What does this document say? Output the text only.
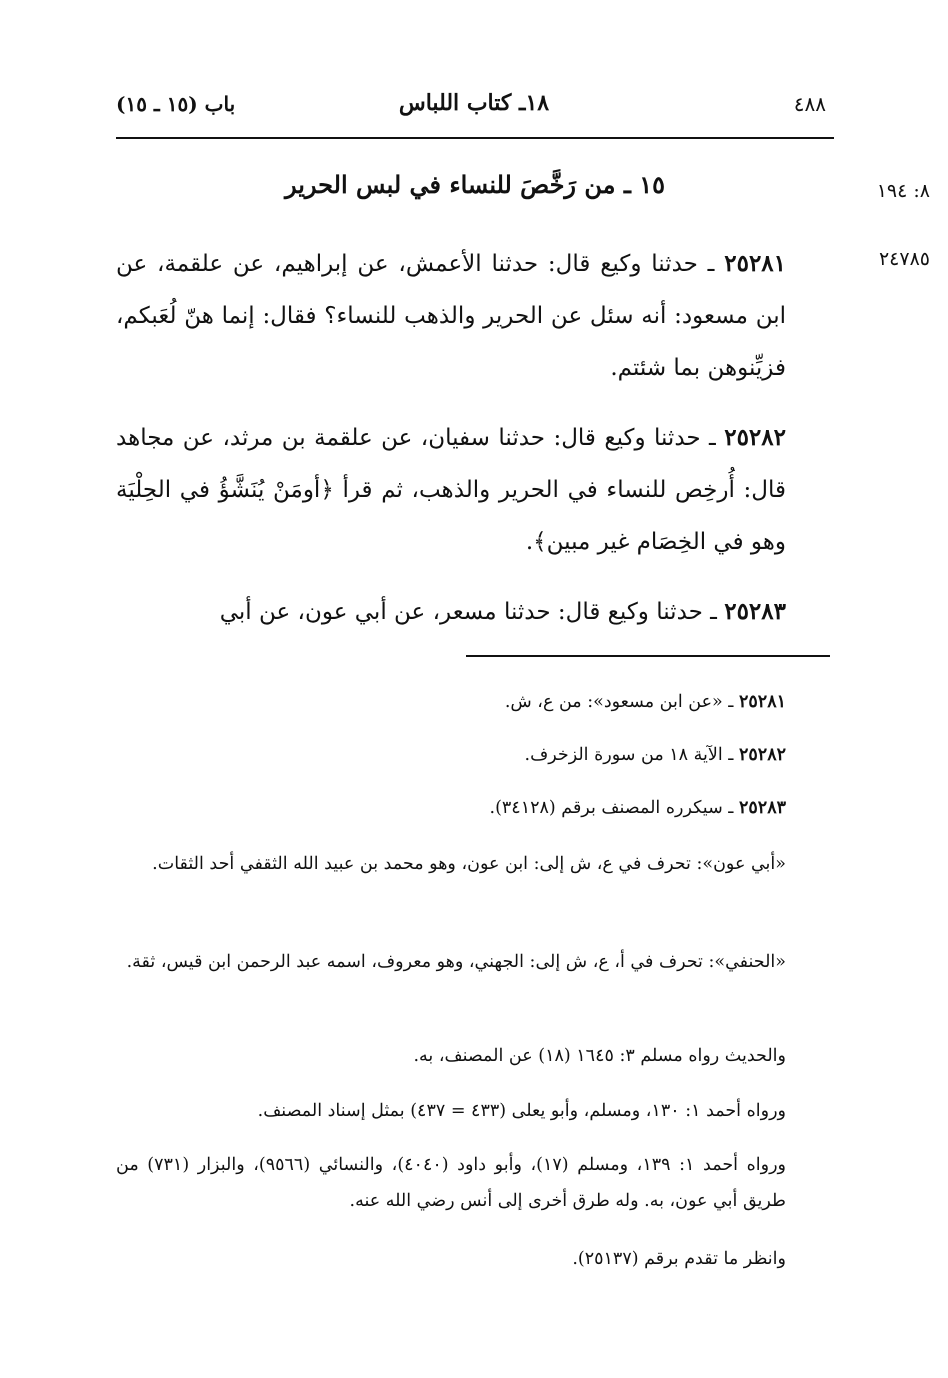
٤٨٨
١٨ـ كتاب اللباس
باب (١٥ ـ ١٥)
٨: ١٩٤
٢٤٧٨٥
١٥ ـ من رَخَّصَ للنساء في لبس الحرير
٢٥٢٨١ ـ حدثنا وكيع قال: حدثنا الأعمش، عن إبراهيم، عن علقمة، عن ابن مسعود: أنه سئل عن الحرير والذهب للنساء؟ فقال: إنما هنّ لُعَبكم، فزيِّنوهن بما شئتم.
٢٥٢٨٢ ـ حدثنا وكيع قال: حدثنا سفيان، عن علقمة بن مرثد، عن مجاهد قال: أُرخِص للنساء في الحرير والذهب، ثم قرأ ﴿أومَنْ يُنَشَّؤُ في الحِلْيَة وهو في الخِصَام غير مبين﴾.
٢٥٢٨٣ ـ حدثنا وكيع قال: حدثنا مسعر، عن أبي عون، عن أبي
٢٥٢٨١ ـ «عن ابن مسعود»: من ع، ش.
٢٥٢٨٢ ـ الآية ١٨ من سورة الزخرف.
٢٥٢٨٣ ـ سيكرره المصنف برقم (٣٤١٢٨).
«أبي عون»: تحرف في ع، ش إلى: ابن عون، وهو محمد بن عبيد الله الثقفي أحد الثقات.
«الحنفي»: تحرف في أ، ع، ش إلى: الجهني، وهو معروف، اسمه عبد الرحمن ابن قيس، ثقة.
والحديث رواه مسلم ٣: ١٦٤٥ (١٨) عن المصنف، به.
ورواه أحمد ١: ١٣٠، ومسلم، وأبو يعلى (٤٣٣ = ٤٣٧) بمثل إسناد المصنف.
ورواه أحمد ١: ١٣٩، ومسلم (١٧)، وأبو داود (٤٠٤٠)، والنسائي (٩٥٦٦)، والبزار (٧٣١) من طريق أبي عون، به. وله طرق أخرى إلى أنس رضي الله عنه.
وانظر ما تقدم برقم (٢٥١٣٧).
